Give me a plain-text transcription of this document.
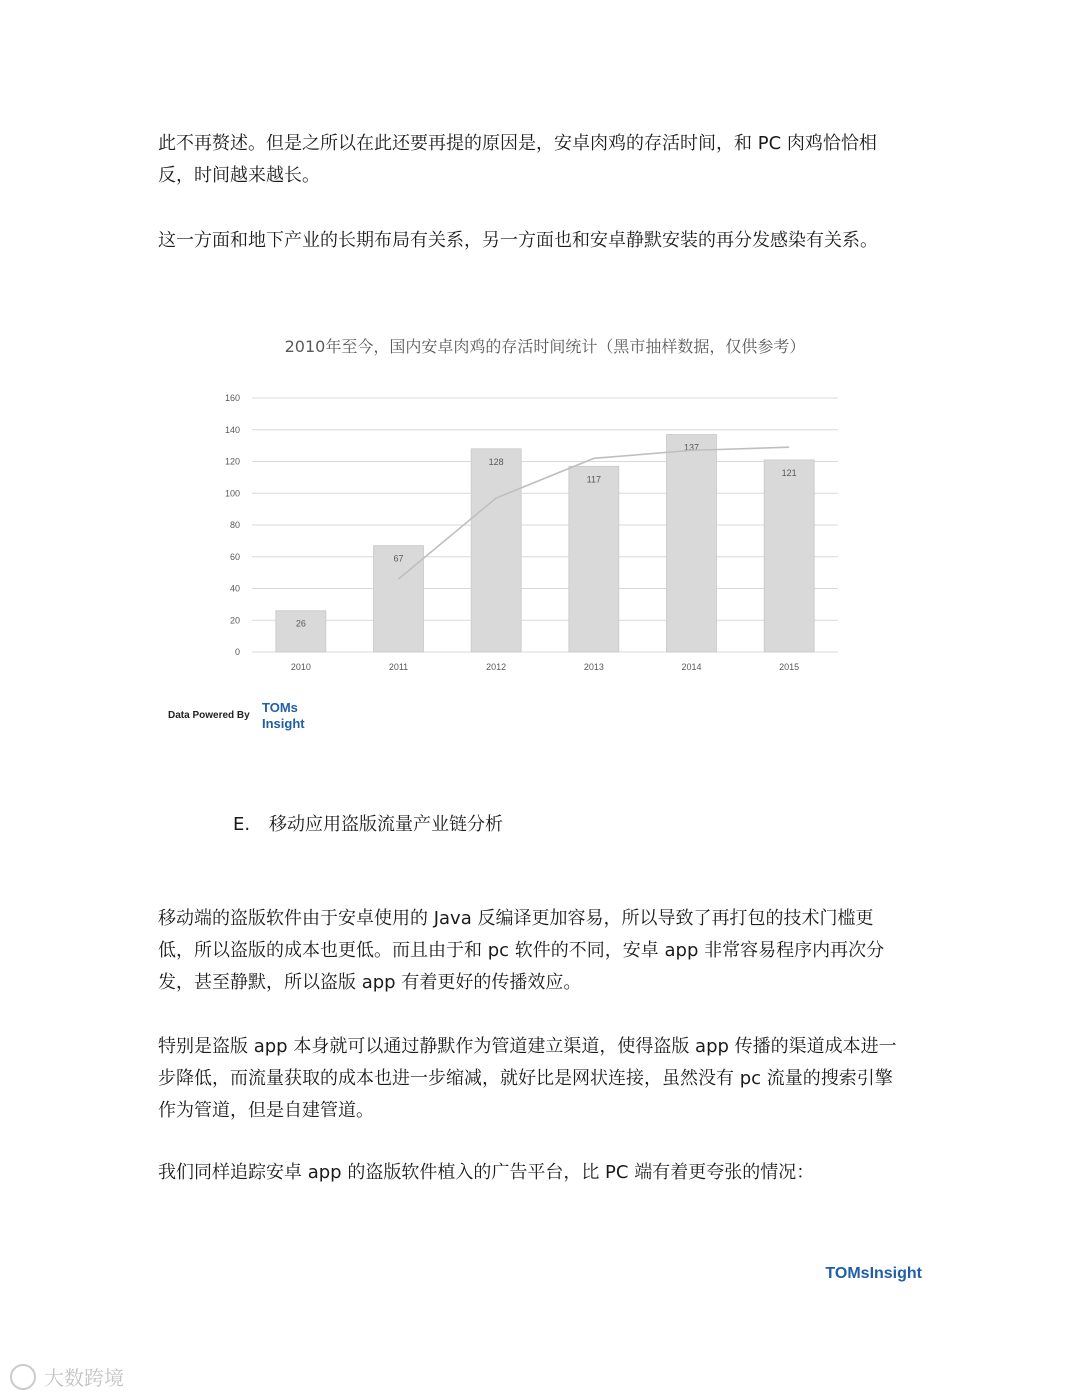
此不再赘述。但是之所以在此还要再提的原因是，安卓肉鸡的存活时间，和 PC 肉鸡恰恰相
反，时间越来越长。
这一方面和地下产业的长期布局有关系，另一方面也和安卓静默安装的再分发感染有关系。
2010年至今，国内安卓肉鸡的存活时间统计（黑市抽样数据，仅供参考）
0
20
40
60
80
100
120
140
160
26
2010
67
2011
128
2012
117
2013
137
2014
121
2015
Data Powered By
TOMs
Insight
E. 移动应用盗版流量产业链分析
移动端的盗版软件由于安卓使用的 Java 反编译更加容易，所以导致了再打包的技术门槛更
低，所以盗版的成本也更低。而且由于和 pc 软件的不同，安卓 app 非常容易程序内再次分
发，甚至静默，所以盗版 app 有着更好的传播效应。
特别是盗版 app 本身就可以通过静默作为管道建立渠道，使得盗版 app 传播的渠道成本进一
步降低，而流量获取的成本也进一步缩减，就好比是网状连接，虽然没有 pc 流量的搜索引擎
作为管道，但是自建管道。
我们同样追踪安卓 app 的盗版软件植入的广告平台，比 PC 端有着更夸张的情况：
TOMsInsight
大数跨境
